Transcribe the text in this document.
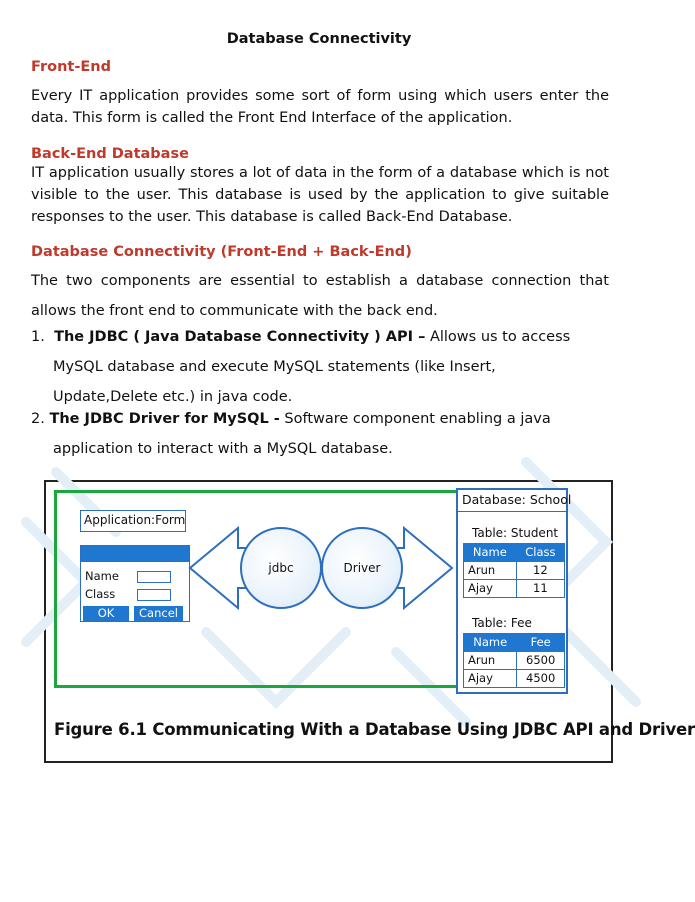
Database Connectivity
Front-End
Every IT application provides some sort of form using which users enter the data. This form is called the Front End Interface of the application.
Back-End Database
IT application usually stores a lot of data in the form of a database which is not visible to the user. This database is used by the application to give suitable responses to the user. This database is called Back-End Database.
Database Connectivity (Front-End + Back-End)
The two components are essential to establish a database connection that allows the front end to communicate with the back end.
1. The JDBC ( Java Database Connectivity ) API – Allows us to access
MySQL database and execute MySQL statements (like Insert,
Update,Delete etc.) in java code.
2. The JDBC Driver for MySQL - Software component enabling a java
application to interact with a MySQL database.
Figure 6.1 Communicating With a Database Using JDBC API and Driver
Application:Form
Name
Class
OK	Cancel
jdbc	Driver
Database: School
Table: Student
Name	Class
Arun	12
Ajay	11
Table: Fee
Name	Fee
Arun	6500
Ajay	4500
